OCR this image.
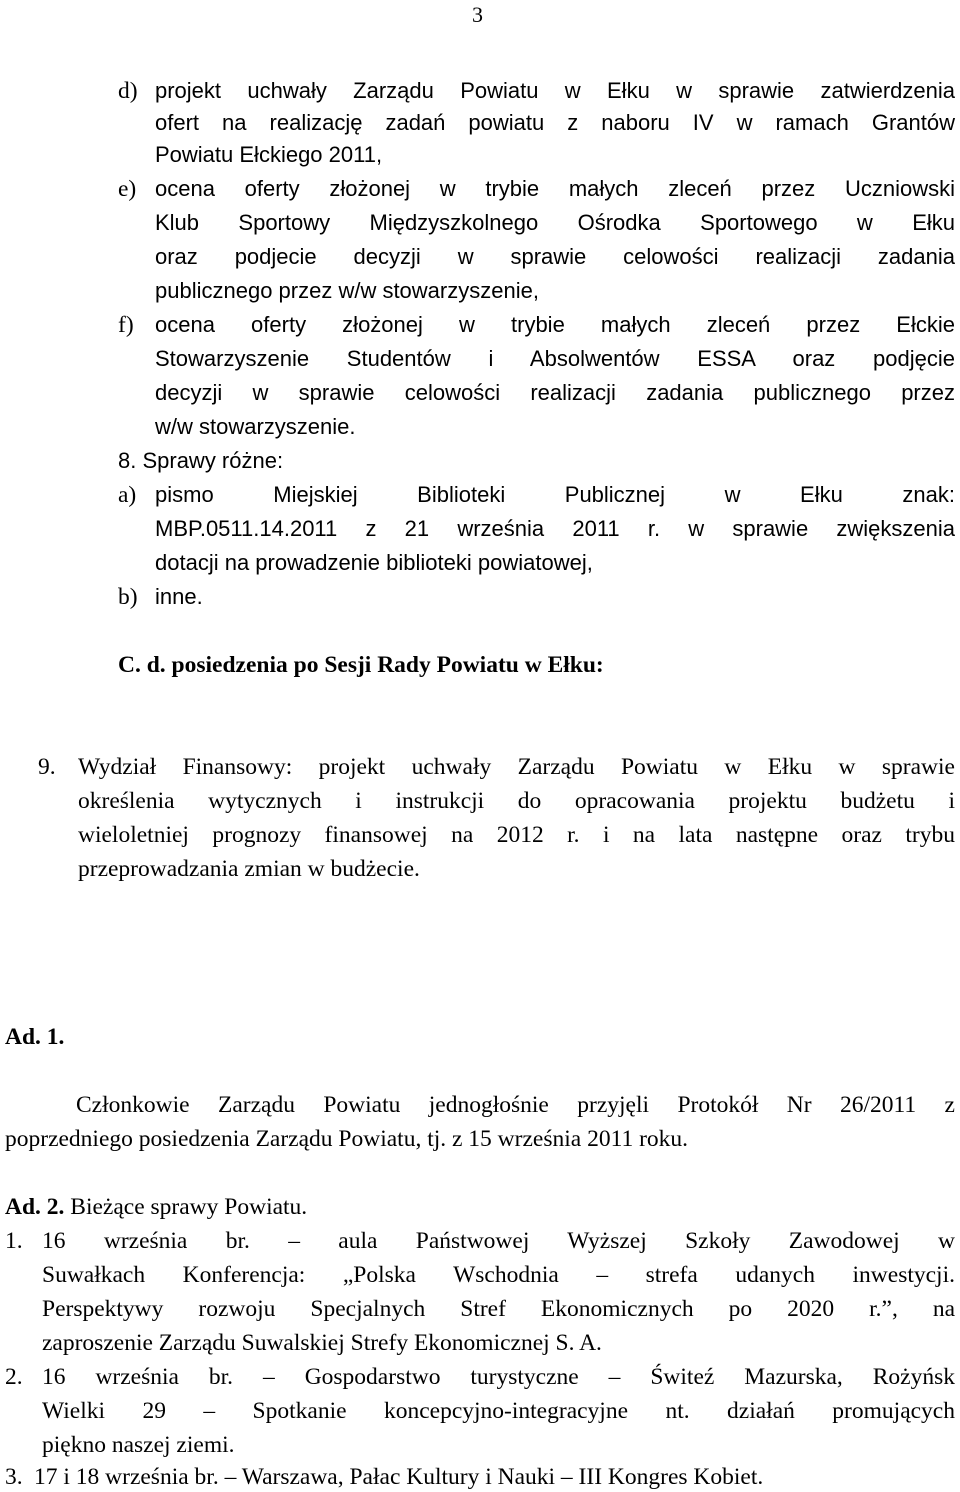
3
d) projekt uchwały Zarządu Powiatu w Ełku w sprawie zatwierdzenia
ofert na realizację zadań powiatu z naboru IV w ramach Grantów
Powiatu Ełckiego 2011,
e) ocena oferty złożonej w trybie małych zleceń przez Uczniowski
Klub Sportowy Międzyszkolnego Ośrodka Sportowego w Ełku
oraz podjecie decyzji w sprawie celowości realizacji zadania
publicznego przez w/w stowarzyszenie,
f) ocena oferty złożonej w trybie małych zleceń przez Ełckie
Stowarzyszenie Studentów i Absolwentów ESSA oraz podjęcie
decyzji w sprawie celowości realizacji zadania publicznego przez
w/w stowarzyszenie.
8. Sprawy różne:
a) pismo Miejskiej Biblioteki Publicznej w Ełku znak:
MBP.0511.14.2011 z 21 września 2011 r. w sprawie zwiększenia
dotacji na prowadzenie biblioteki powiatowej,
b) inne.
C. d. posiedzenia po Sesji Rady Powiatu w Ełku:
9. Wydział Finansowy: projekt uchwały Zarządu Powiatu w Ełku w sprawie
określenia wytycznych i instrukcji do opracowania projektu budżetu i
wieloletniej prognozy finansowej na 2012 r. i na lata następne oraz trybu
przeprowadzania zmian w budżecie.
Ad. 1.
Członkowie Zarządu Powiatu jednogłośnie przyjęli Protokół Nr 26/2011 z
poprzedniego posiedzenia Zarządu Powiatu, tj. z 15 września 2011 roku.
Ad. 2. Bieżące sprawy Powiatu.
1. 16 września br. – aula Państwowej Wyższej Szkoły Zawodowej w
Suwałkach Konferencja: „Polska Wschodnia – strefa udanych inwestycji.
Perspektywy rozwoju Specjalnych Stref Ekonomicznych po 2020 r.”, na
zaproszenie Zarządu Suwalskiej Strefy Ekonomicznej S. A.
2. 16 września br. – Gospodarstwo turystyczne – Świteź Mazurska, Rożyńsk
Wielki 29 – Spotkanie koncepcyjno-integracyjne nt. działań promujących
piękno naszej ziemi.
3. 17 i 18 września br. – Warszawa, Pałac Kultury i Nauki – III Kongres Kobiet.
